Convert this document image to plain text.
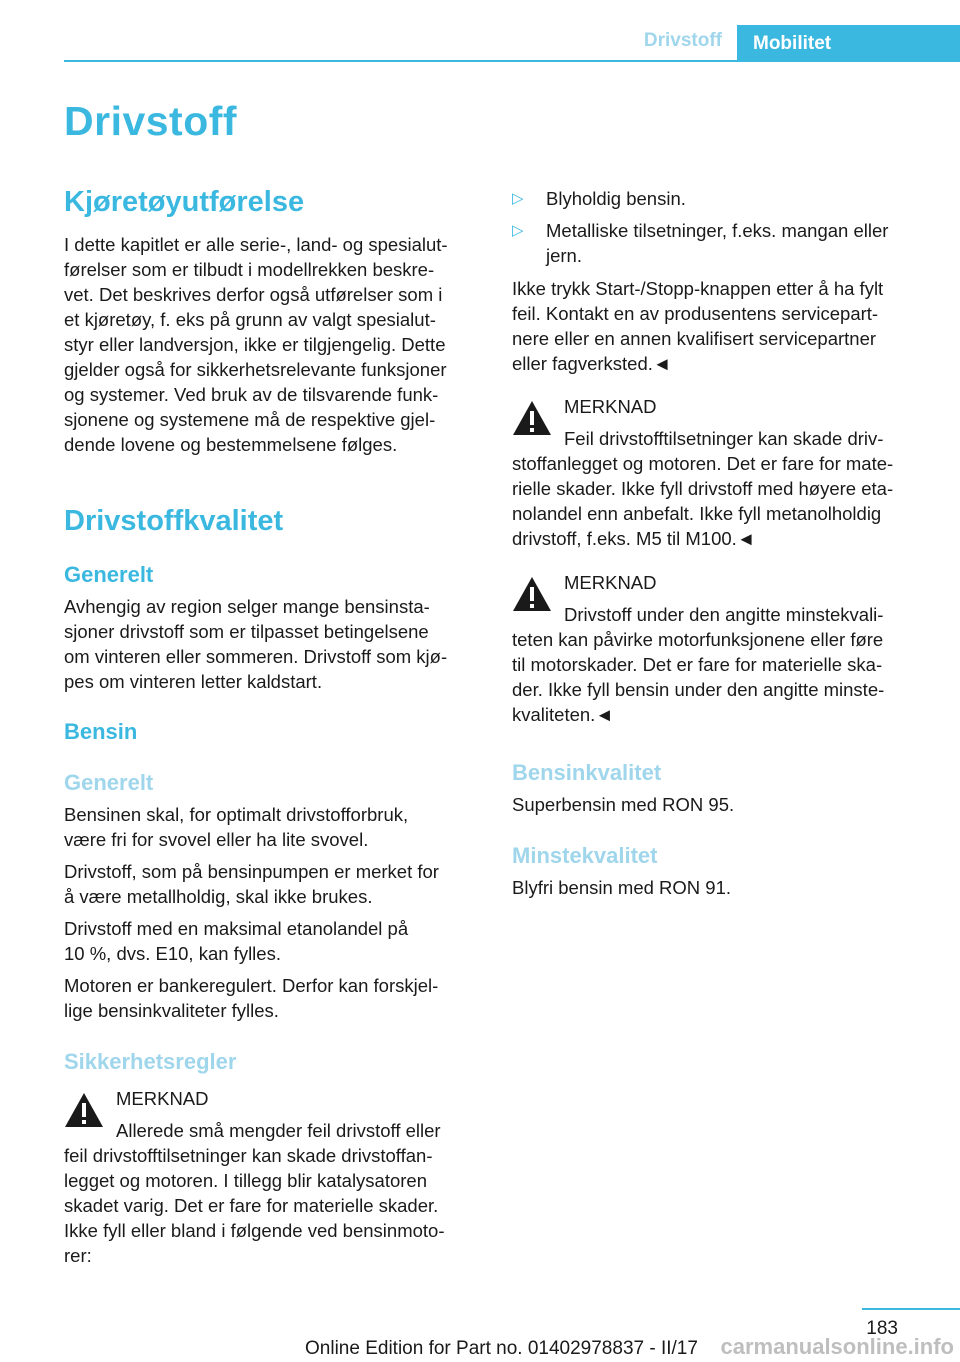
Drivstoff	Mobilitet
Drivstoff
Kjøretøyutførelse
I dette kapitlet er alle serie-, land- og spesialut-
førelser som er tilbudt i modellrekken beskre-
vet. Det beskrives derfor også utførelser som i
et kjøretøy, f. eks på grunn av valgt spesialut-
styr eller landversjon, ikke er tilgjengelig. Dette
gjelder også for sikkerhetsrelevante funksjoner
og systemer. Ved bruk av de tilsvarende funk-
sjonene og systemene må de respektive gjel-
dende lovene og bestemmelsene følges.
Drivstoffkvalitet
Generelt
Avhengig av region selger mange bensinsta-
sjoner drivstoff som er tilpasset betingelsene
om vinteren eller sommeren. Drivstoff som kjø-
pes om vinteren letter kaldstart.
Bensin
Generelt
Bensinen skal, for optimalt drivstofforbruk,
være fri for svovel eller ha lite svovel.
Drivstoff, som på bensinpumpen er merket for
å være metallholdig, skal ikke brukes.
Drivstoff med en maksimal etanolandel på
10 %, dvs. E10, kan fylles.
Motoren er bankeregulert. Derfor kan forskjel-
lige bensinkvaliteter fylles.
Sikkerhetsregler
MERKNAD
Allerede små mengder feil drivstoff eller
feil drivstofftilsetninger kan skade drivstoffan-
legget og motoren. I tillegg blir katalysatoren
skadet varig. Det er fare for materielle skader.
Ikke fyll eller bland i følgende ved bensinmoto-
rer:
▷ Blyholdig bensin.
▷ Metalliske tilsetninger, f.eks. mangan eller
jern.
Ikke trykk Start-/Stopp-knappen etter å ha fylt
feil. Kontakt en av produsentens servicepart-
nere eller en annen kvalifisert servicepartner
eller fagverksted.◄
MERKNAD
Feil drivstofftilsetninger kan skade driv-
stoffanlegget og motoren. Det er fare for mate-
rielle skader. Ikke fyll drivstoff med høyere eta-
nolandel enn anbefalt. Ikke fyll metanolholdig
drivstoff, f.eks. M5 til M100.◄
MERKNAD
Drivstoff under den angitte minstekvali-
teten kan påvirke motorfunksjonene eller føre
til motorskader. Det er fare for materielle ska-
der. Ikke fyll bensin under den angitte minste-
kvaliteten.◄
Bensinkvalitet
Superbensin med RON 95.
Minstekvalitet
Blyfri bensin med RON 91.
183
Online Edition for Part no. 01402978837 - II/17 carmanualsonline.info
